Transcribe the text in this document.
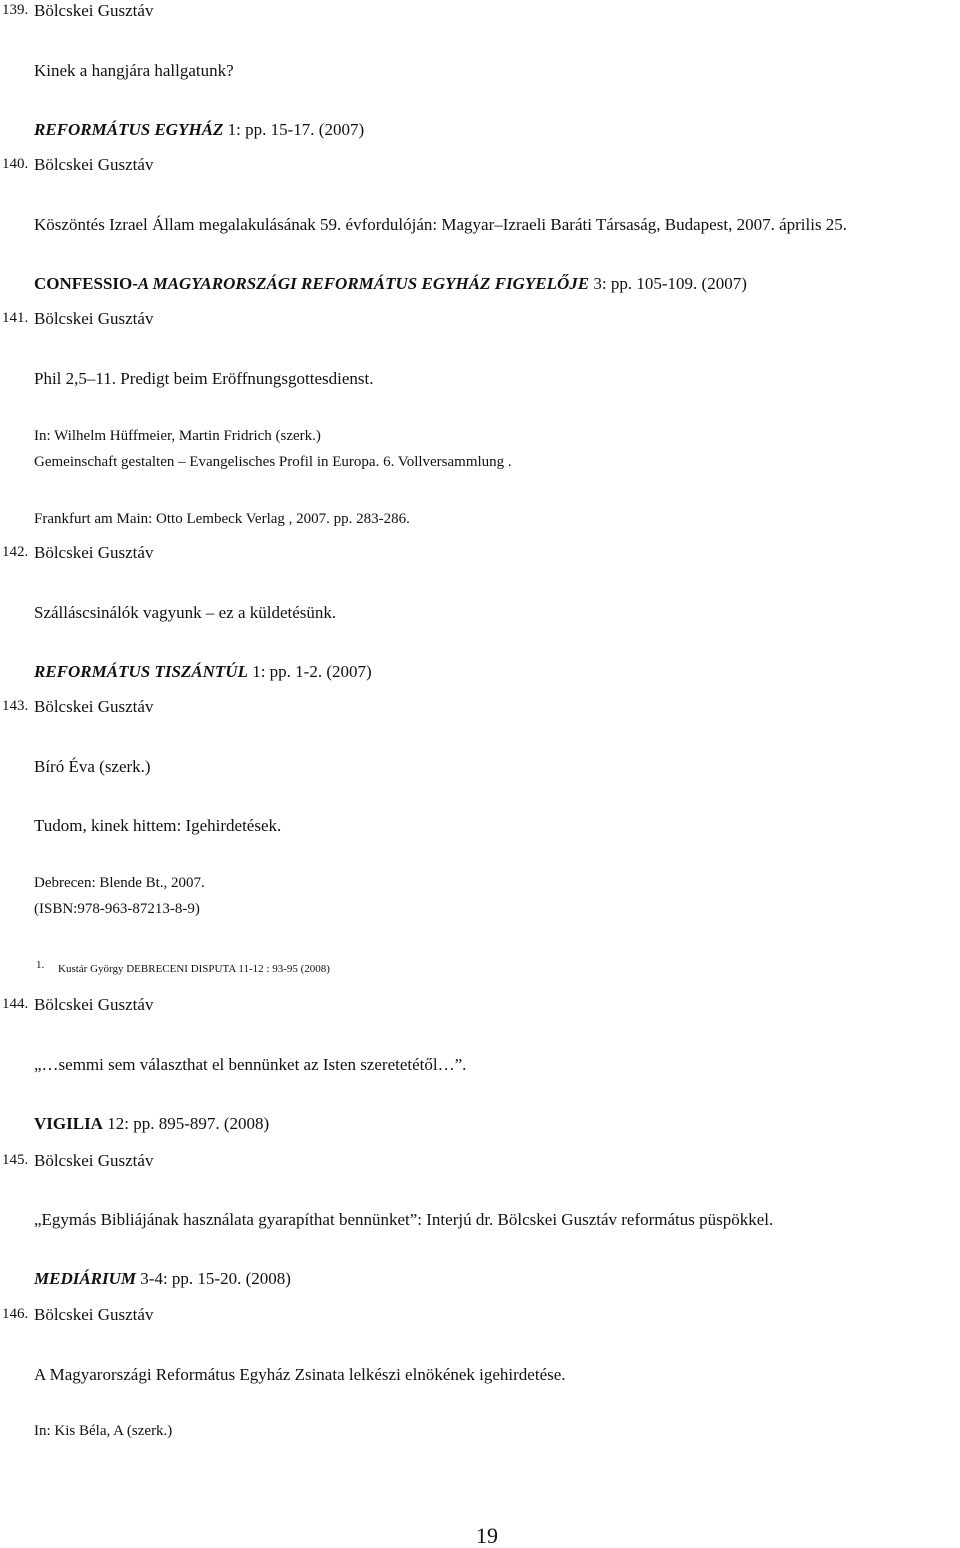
139. Bölcskei Gusztáv
Kinek a hangjára hallgatunk?
REFORMÁTUS EGYHÁZ 1: pp. 15-17. (2007)
140. Bölcskei Gusztáv
Köszöntés Izrael Állam megalakulásának 59. évfordulóján: Magyar–Izraeli Baráti Társaság, Budapest, 2007. április 25.
CONFESSIO-A MAGYARORSZÁGI REFORMÁTUS EGYHÁZ FIGYELŐJE 3: pp. 105-109. (2007)
141. Bölcskei Gusztáv
Phil 2,5–11. Predigt beim Eröffnungsgottesdienst.
In: Wilhelm Hüffmeier, Martin Fridrich (szerk.)
Gemeinschaft gestalten – Evangelisches Profil in Europa. 6. Vollversammlung .
Frankfurt am Main: Otto Lembeck Verlag , 2007. pp. 283-286.
142. Bölcskei Gusztáv
Szálláscsinálók vagyunk – ez a küldetésünk.
REFORMÁTUS TISZÁNTÚL 1: pp. 1-2. (2007)
143. Bölcskei Gusztáv
Bíró Éva (szerk.)
Tudom, kinek hittem: Igehirdetések.
Debrecen: Blende Bt., 2007.
(ISBN:978-963-87213-8-9)
1. Kustár György DEBRECENI DISPUTA 11-12 : 93-95 (2008)
144. Bölcskei Gusztáv
„…semmi sem választhat el bennünket az Isten szeretetétől…”.
VIGILIA 12: pp. 895-897. (2008)
145. Bölcskei Gusztáv
„Egymás Bibliájának használata gyarapíthat bennünket”: Interjú dr. Bölcskei Gusztáv református püspökkel.
MEDIÁRIUM 3-4: pp. 15-20. (2008)
146. Bölcskei Gusztáv
A Magyarországi Református Egyház Zsinata lelkészi elnökének igehirdetése.
In: Kis Béla, A (szerk.)
19
